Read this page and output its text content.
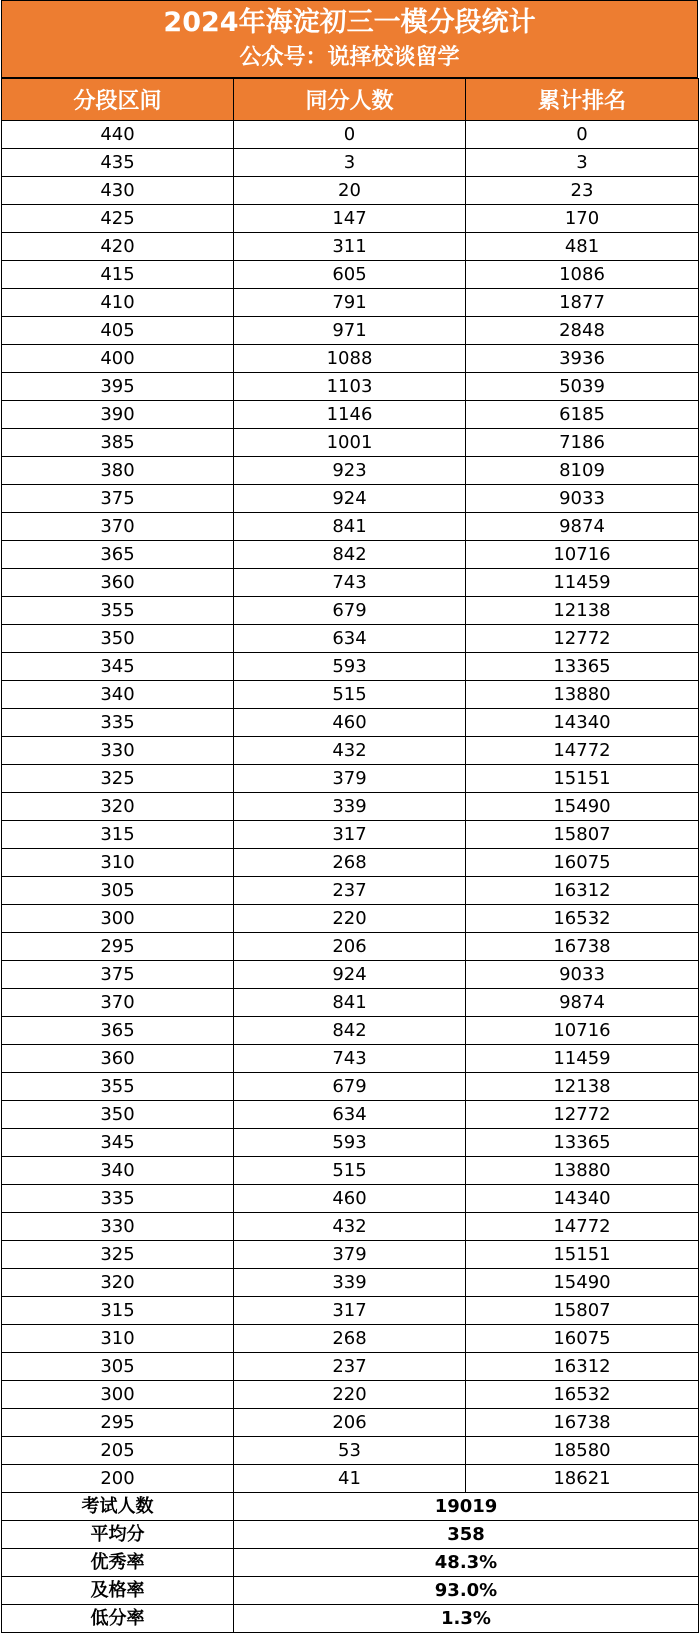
2024年海淀初三一模分段统计
公众号：说择校谈留学
分段区间	同分人数	累计排名
440	0	0
435	3	3
430	20	23
425	147	170
420	311	481
415	605	1086
410	791	1877
405	971	2848
400	1088	3936
395	1103	5039
390	1146	6185
385	1001	7186
380	923	8109
375	924	9033
370	841	9874
365	842	10716
360	743	11459
355	679	12138
350	634	12772
345	593	13365
340	515	13880
335	460	14340
330	432	14772
325	379	15151
320	339	15490
315	317	15807
310	268	16075
305	237	16312
300	220	16532
295	206	16738
375	924	9033
370	841	9874
365	842	10716
360	743	11459
355	679	12138
350	634	12772
345	593	13365
340	515	13880
335	460	14340
330	432	14772
325	379	15151
320	339	15490
315	317	15807
310	268	16075
305	237	16312
300	220	16532
295	206	16738
205	53	18580
200	41	18621
考试人数	19019	
平均分	358	
优秀率	48.3%	
及格率	93.0%	
低分率	1.3%	
